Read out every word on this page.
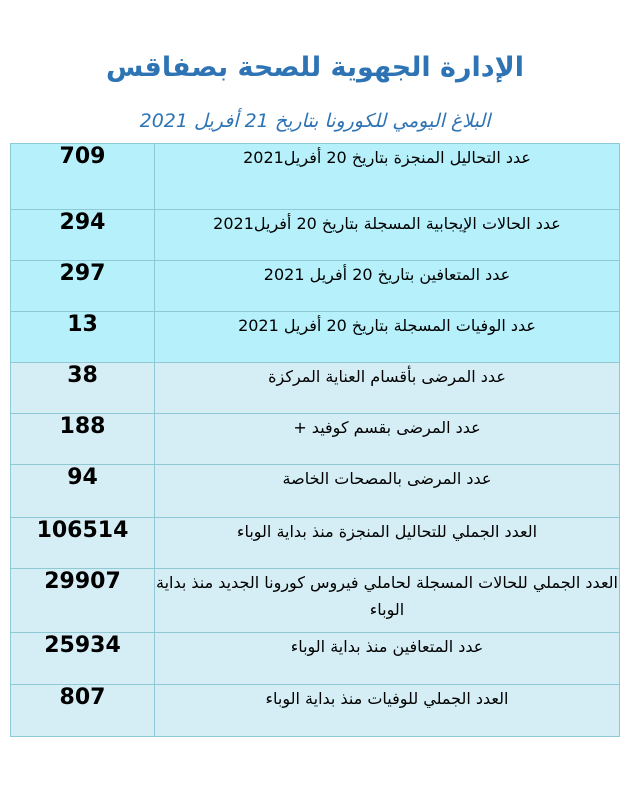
الإدارة الجهوية للصحة بصفاقس
البلاغ اليومي للكورونا بتاريخ 21 أفريل 2021
709	عدد التحاليل المنجزة بتاريخ 20 أفريل2021
294	عدد الحالات الإيجابية المسجلة بتاريخ 20 أفريل2021
297	عدد المتعافين بتاريخ 20 أفريل 2021
13	عدد الوفيات المسجلة بتاريخ 20 أفريل 2021
38	عدد المرضى بأقسام العناية المركزة
188	عدد المرضى بقسم كوفيد +
94	عدد المرضى بالمصحات الخاصة
106514	العدد الجملي للتحاليل المنجزة منذ بداية الوباء
29907	العدد الجملي للحالات المسجلة لحاملي فيروس كورونا الجديد منذ بداية الوباء
25934	عدد المتعافين منذ بداية الوباء
807	العدد الجملي للوفيات منذ بداية الوباء
